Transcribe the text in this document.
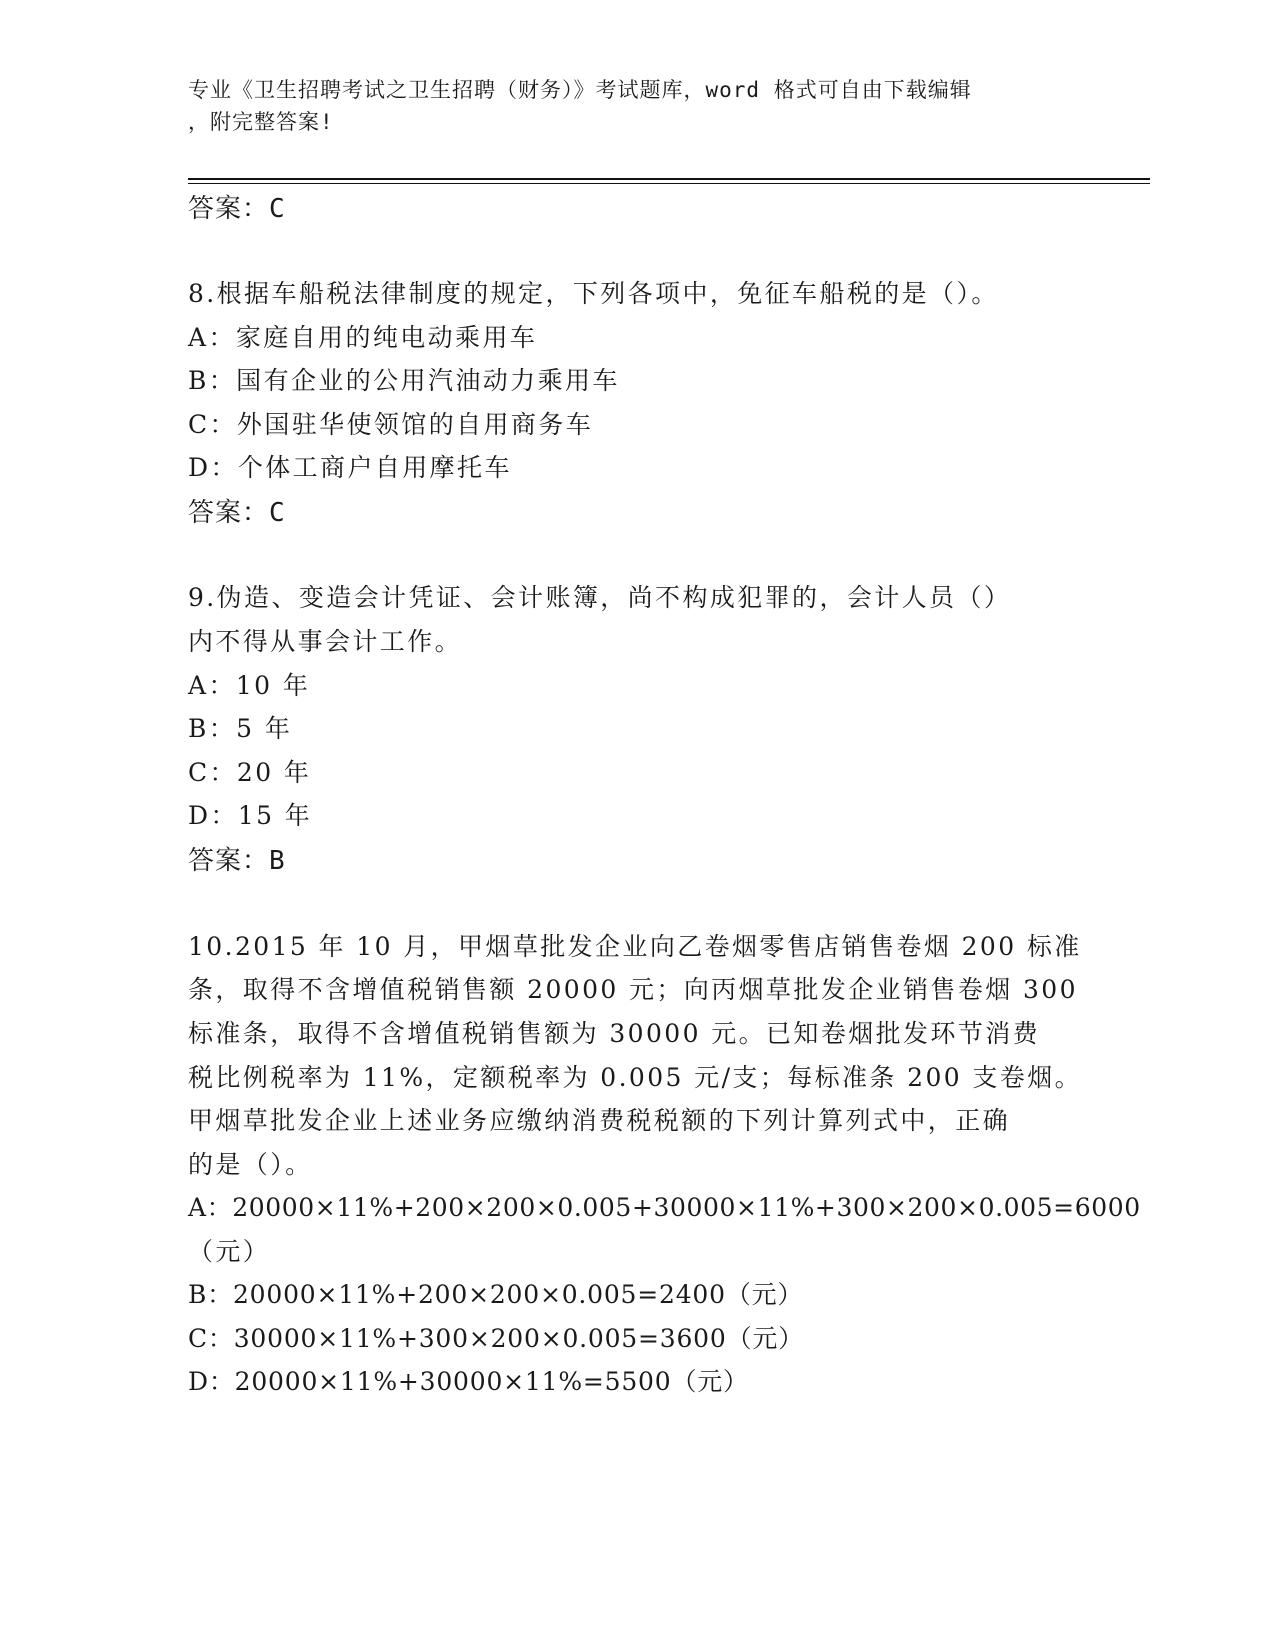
专业《卫生招聘考试之卫生招聘（财务）》考试题库，word 格式可自由下载编辑
，附完整答案!
答案：C
8.根据车船税法律制度的规定，下列各项中，免征车船税的是（）。
A：家庭自用的纯电动乘用车
B：国有企业的公用汽油动力乘用车
C：外国驻华使领馆的自用商务车
D：个体工商户自用摩托车
答案：C
9.伪造、变造会计凭证、会计账簿，尚不构成犯罪的，会计人员（）
内不得从事会计工作。
A：10 年
B：5 年
C：20 年
D：15 年
答案：B
10.2015 年 10 月，甲烟草批发企业向乙卷烟零售店销售卷烟 200 标准
条，取得不含增值税销售额 20000 元；向丙烟草批发企业销售卷烟 300
标准条，取得不含增值税销售额为 30000 元。已知卷烟批发环节消费
税比例税率为 11%，定额税率为 0.005 元/支；每标准条 200 支卷烟。
甲烟草批发企业上述业务应缴纳消费税税额的下列计算列式中，正确
的是（）。
A：20000×11%+200×200×0.005+30000×11%+300×200×0.005=6000
（元）
B：20000×11%+200×200×0.005=2400（元）
C：30000×11%+300×200×0.005=3600（元）
D：20000×11%+30000×11%=5500（元）
